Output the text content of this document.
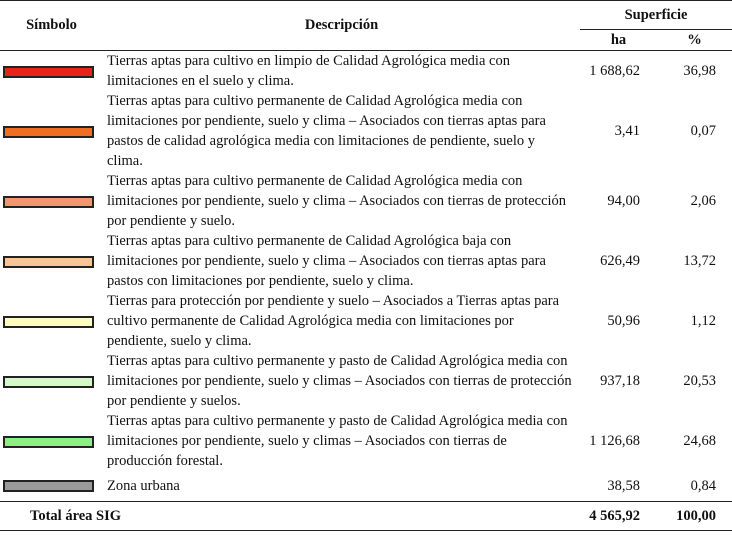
Símbolo	Descripción	Superficie	
		ha	%
	Tierras aptas para cultivo en limpio de Calidad Agrológica media con limitaciones en el suelo y clima.	1 688,62	36,98
	Tierras aptas para cultivo permanente de Calidad Agrológica media con limitaciones por pendiente, suelo y clima – Asociados con tierras aptas para pastos de calidad agrológica media con limitaciones de pendiente, suelo y clima.	3,41	0,07
	Tierras aptas para cultivo permanente de Calidad Agrológica media con limitaciones por pendiente, suelo y clima – Asociados con tierras de protección por pendiente y suelo.	94,00	2,06
	Tierras aptas para cultivo permanente de Calidad Agrológica baja con limitaciones por pendiente, suelo y clima – Asociados con tierras aptas para pastos con limitaciones por pendiente, suelo y clima.	626,49	13,72
	Tierras para protección por pendiente y suelo – Asociados a Tierras aptas para cultivo permanente de Calidad Agrológica media con limitaciones por pendiente, suelo y clima.	50,96	1,12
	Tierras aptas para cultivo permanente y pasto de Calidad Agrológica media con limitaciones por pendiente, suelo y climas – Asociados con tierras de protección por pendiente y suelos.	937,18	20,53
	Tierras aptas para cultivo permanente y pasto de Calidad Agrológica media con limitaciones por pendiente, suelo y climas – Asociados con tierras de producción forestal.	1 126,68	24,68
	Zona urbana	38,58	0,84
Total área SIG		4 565,92	100,00
